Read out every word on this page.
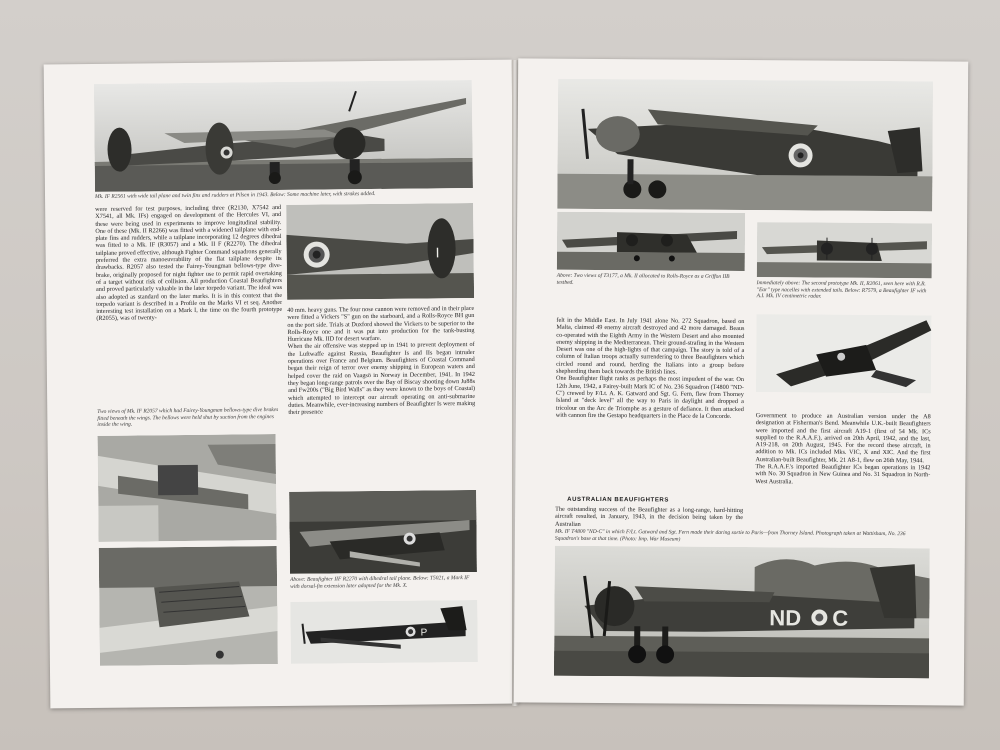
Mk. IF R2561 with wide tail plane and twin fins and rudders at Pilsen in 1943. Below: Some machine later, with strakes added.
I
were reserved for test purposes, including three (R2130, X7542 and X7541, all Mk. IFs) engaged on development of the Hercules VI, and these were being used in experiments to improve longitudinal stability. One of these (Mk. II R2266) was fitted with a widened tailplane with end-plate fins and rudders, while a tailplane incorporating 12 degrees dihedral was fitted to a Mk. IF (R3057) and a Mk. II F (R2270). The dihedral tailplane proved effective, although Fighter Command squadrons generally preferred the extra manoeuvrability of the flat tailplane despite its drawbacks. R2057 also tested the Fairey-Youngman bellows-type dive-brake, originally proposed for night fighter use to permit rapid overtaking of a target without risk of collision. All production Coastal Beaufighters and proved particularly valuable in the later torpedo variant. The ideal was also adopted as standard on the later marks. It is in this context that the torpedo variant is described in a Profile on the Marks VI et seq. Another interesting test installation on a Mark I, the time on the fourth prototype (R2055), was of twenty-
40 mm. heavy guns. The four nose cannon were removed and in their place were fitted a Vickers "S" gun on the starboard, and a Rolls-Royce BH gun on the port side. Trials at Duxford showed the Vickers to be superior to the Rolls-Royce one and it was put into production for the tank-busting Hurricane Mk. IID for desert warfare.
When the air offensive was stepped up in 1941 to prevent deployment of the Luftwaffe against Russia, Beaufighter Is and IIs began intruder operations over France and Belgium. Beaufighters of Coastal Command began their reign of terror over enemy shipping in European waters and helped cover the raid on Vaagsö in Norway in December, 1941. In 1942 they began long-range patrols over the Bay of Biscay shooting down Ju88s and Fw200s ("Big Bird Walls" as they were known to the boys of Coastal) which attempted to intercept our aircraft operating on anti-submarine duties. Meanwhile, ever-increasing numbers of Beaufighter Is were making their presence
Two views of Mk. IF R2057 which had Fairey-Youngman bellows-type dive brakes fitted beneath the wings. The bellows were held shut by suction from the engines inside the wing.
Above: Beaufighter IIF R2270 with dihedral tail plane. Below: T5021, a Mark IF with dorsal-fin extension later adopted for the Mk. X.
P
Above: Two views of T3177, a Mk. II allocated to Rolls-Royce as a Griffon IIB testbed.	Immediately above: The second prototype Mk. II, R2061, seen here with R.R. "Ear" type nacelles with extended tails. Below: R7579, a Beaufighter IF with A.I. Mk. IV centimetric radar.
felt in the Middle East. In July 1941 alone No. 272 Squadron, based on Malta, claimed 49 enemy aircraft destroyed and 42 more damaged. Beaus co-operated with the Eighth Army in the Western Desert and also mounted enemy shipping in the Mediterranean. Their ground-strafing in the Western Desert was one of the high-lights of that campaign. The story is told of a column of Italian troops actually surrendering to three Beaufighters which circled round and round, herding the Italians into a group before shepherding them back towards the British lines.
One Beaufighter flight ranks as perhaps the most impudent of the war. On 12th June, 1942, a Fairey-built Mark IC of No. 236 Squadron (T4800 "ND-C") crewed by F/Lt. A. K. Gatward and Sgt. G. Fern, flew from Thorney Island at "deck level" all the way to Paris in daylight and dropped a tricolour on the Arc de Triomphe as a gesture of defiance. It then attacked with cannon fire the Gestapo headquarters in the Place de la Concorde.
AUSTRALIAN BEAUFIGHTERS
The outstanding success of the Beaufighter as a long-range, hard-hitting aircraft resulted, in January, 1943, in the decision being taken by the Australian
Government to produce an Australian version under the A8 designation at Fisherman's Bend. Meanwhile U.K.-built Beaufighters were imported and the first aircraft A19-1 (first of 54 Mk. ICs supplied to the R.A.A.F.), arrived on 20th April, 1942, and the last, A19-218, on 20th August, 1945. For the record these aircraft, in addition to Mk. ICs included Mks. VIC, X and XIC. And the first Australian-built Beaufighter, Mk. 21 A8-1, flew on 26th May, 1944.
The R.A.A.F.'s imported Beaufighter ICs began operations in 1942 with No. 30 Squadron in New Guinea and No. 31 Squadron in North-West Australia.
Mk. IF T4800 "ND-C" in which F/Lt. Gatward and Sgt. Fern made their daring sortie to Paris—from Thorney Island. Photograph taken at Wattisham, No. 236 Squadron's base at that time. (Photo: Imp. War Museum)
ND C
